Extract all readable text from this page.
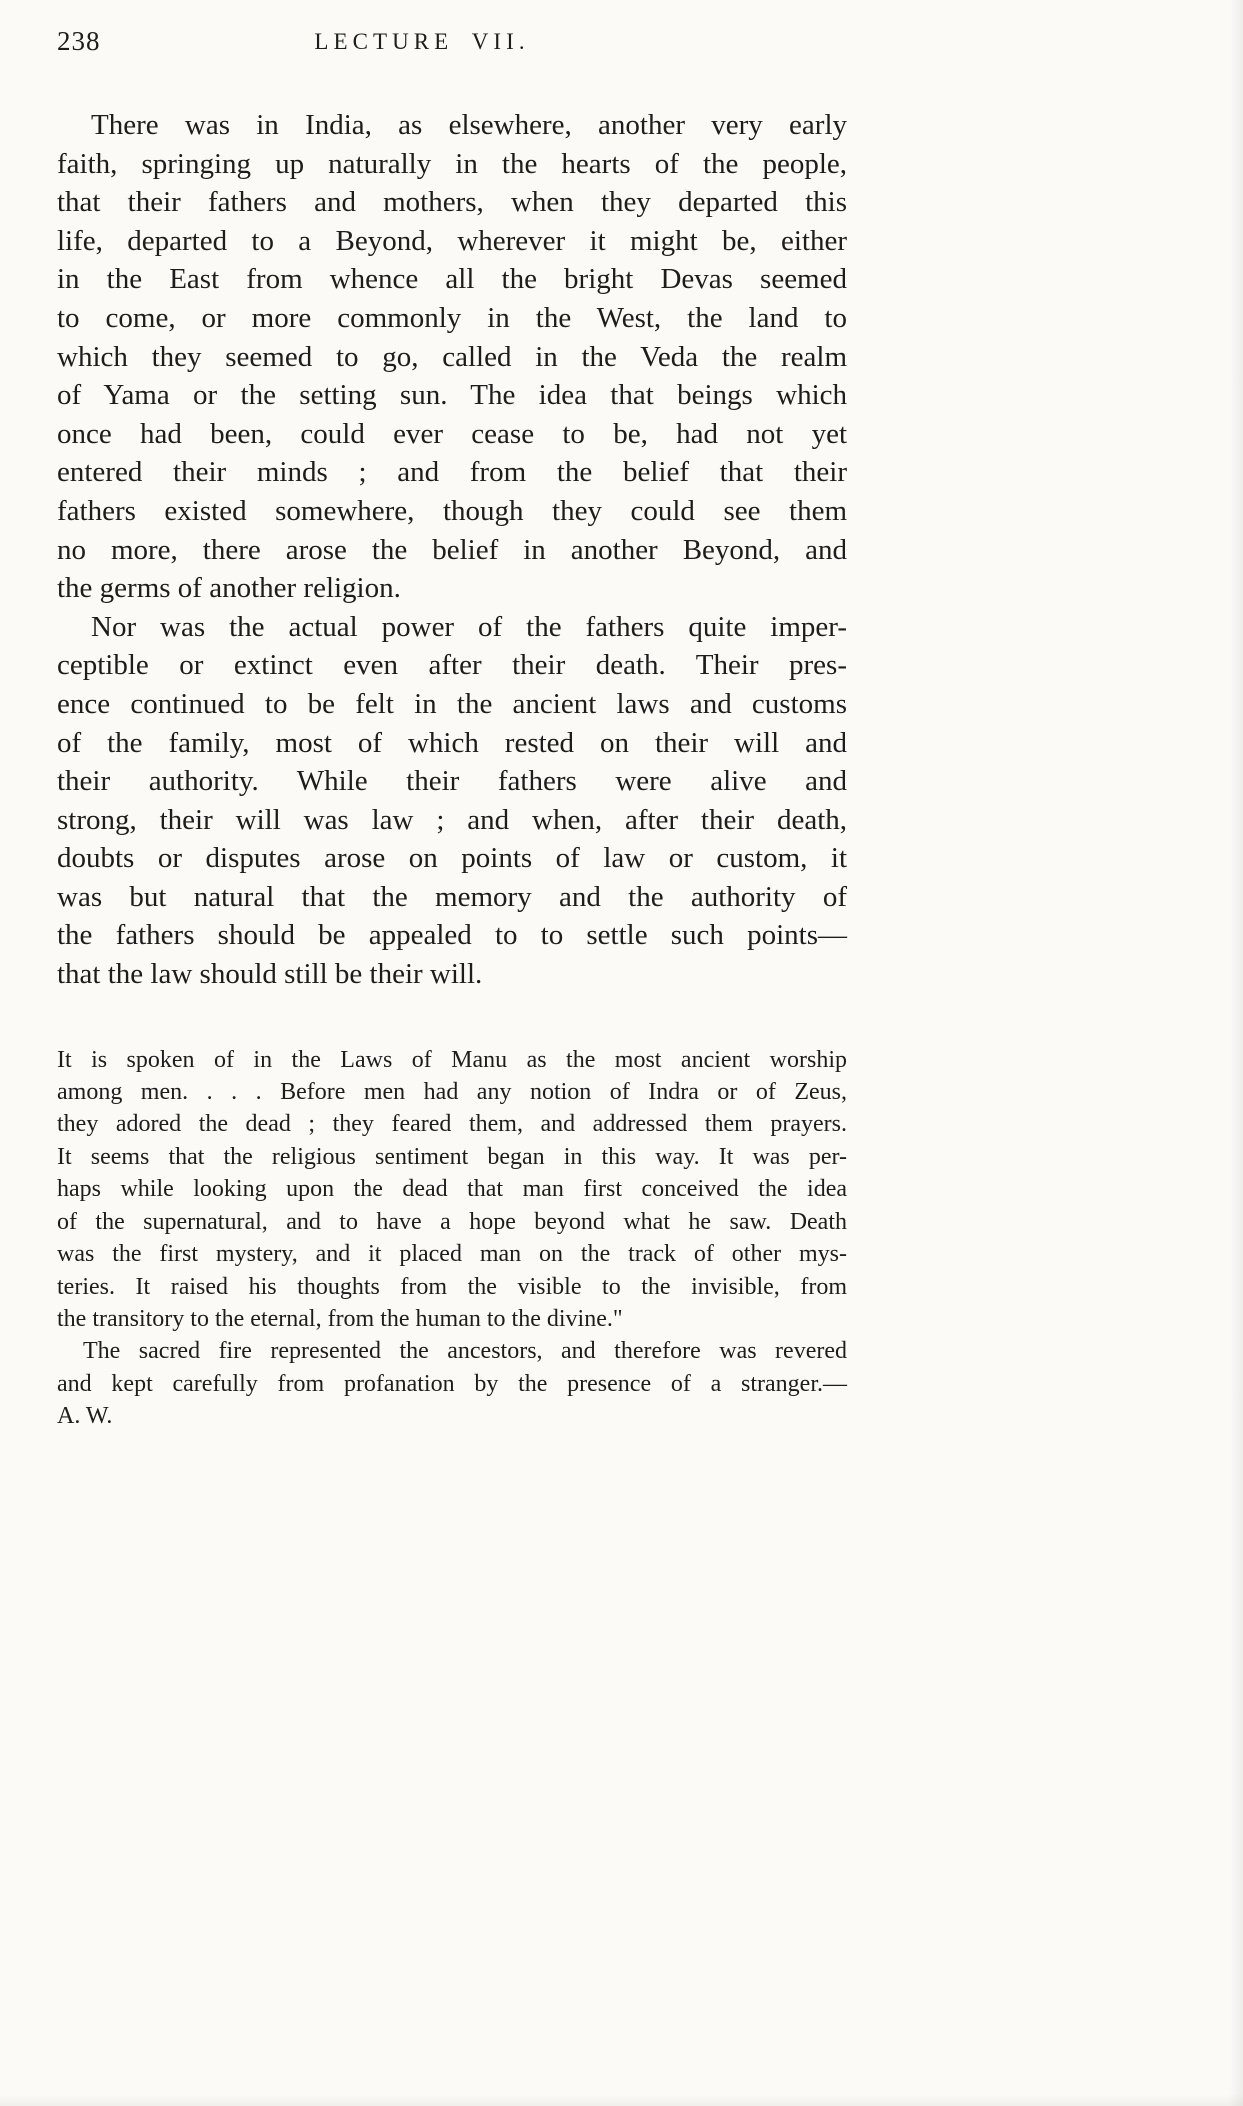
238	LECTURE VII.
There was in India, as elsewhere, another very early
faith, springing up naturally in the hearts of the people,
that their fathers and mothers, when they departed this
life, departed to a Beyond, wherever it might be, either
in the East from whence all the bright Devas seemed
to come, or more commonly in the West, the land to
which they seemed to go, called in the Veda the realm
of Yama or the setting sun. The idea that beings which
once had been, could ever cease to be, had not yet
entered their minds ; and from the belief that their
fathers existed somewhere, though they could see them
no more, there arose the belief in another Beyond, and
the germs of another religion.
Nor was the actual power of the fathers quite imper-
ceptible or extinct even after their death. Their pres-
ence continued to be felt in the ancient laws and customs
of the family, most of which rested on their will and
their authority. While their fathers were alive and
strong, their will was law ; and when, after their death,
doubts or disputes arose on points of law or custom, it
was but natural that the memory and the authority of
the fathers should be appealed to to settle such points—
that the law should still be their will.
It is spoken of in the Laws of Manu as the most ancient worship
among men. . . . Before men had any notion of Indra or of Zeus,
they adored the dead ; they feared them, and addressed them prayers.
It seems that the religious sentiment began in this way. It was per-
haps while looking upon the dead that man first conceived the idea
of the supernatural, and to have a hope beyond what he saw. Death
was the first mystery, and it placed man on the track of other mys-
teries. It raised his thoughts from the visible to the invisible, from
the transitory to the eternal, from the human to the divine."
The sacred fire represented the ancestors, and therefore was revered
and kept carefully from profanation by the presence of a stranger.—
A. W.
